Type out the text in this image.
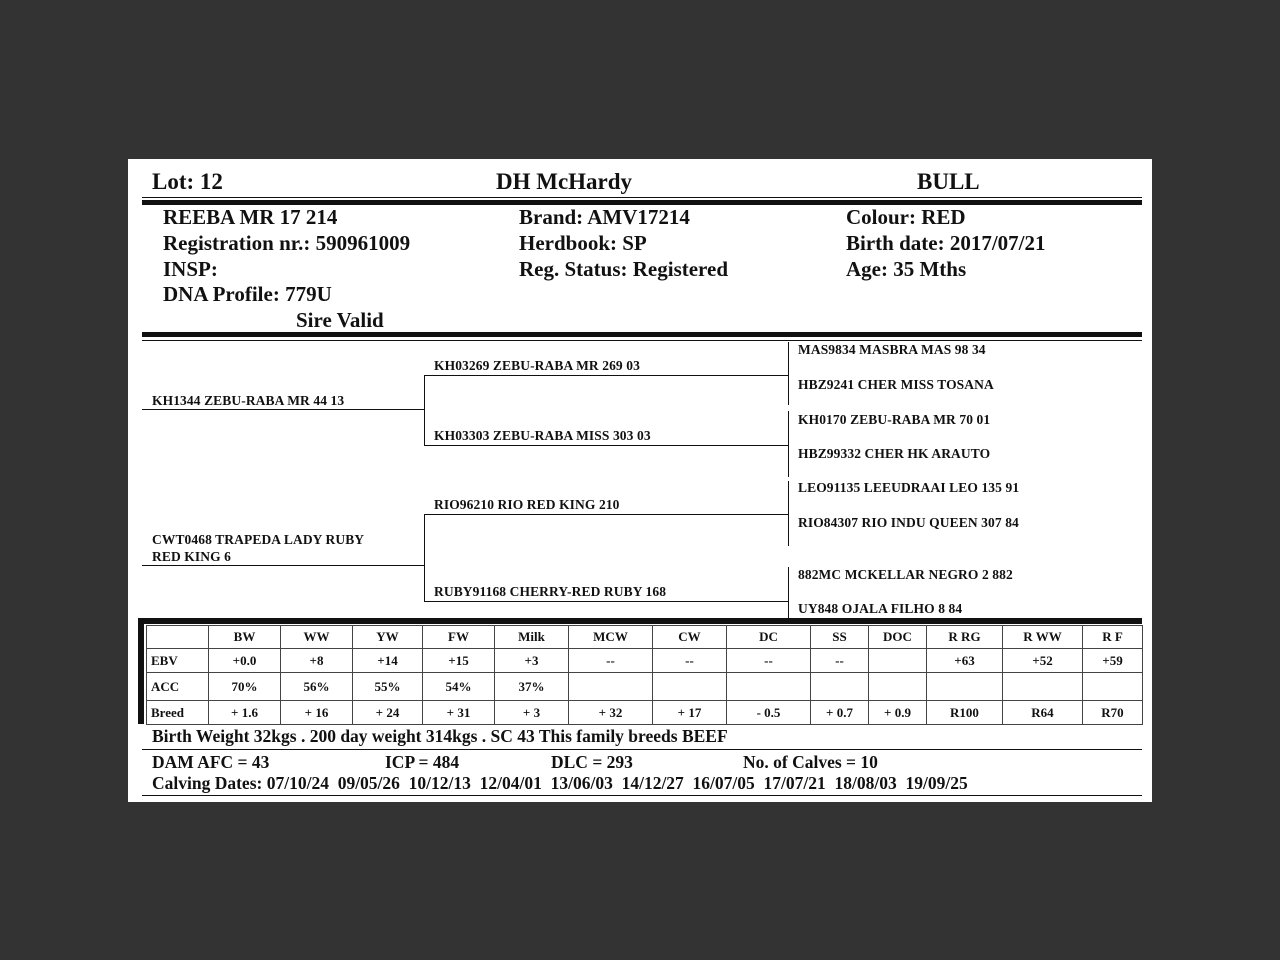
Lot: 12	DH McHardy	BULL
REEBA MR 17 214
Registration nr.: 590961009
INSP:
DNA Profile: 779U
Sire Valid
Brand: AMV17214
Herdbook: SP
Reg. Status: Registered
Colour: RED
Birth date: 2017/07/21
Age: 35 Mths
KH1344 ZEBU-RABA MR 44 13
CWT0468 TRAPEDA LADY RUBY
RED KING 6
KH03269 ZEBU-RABA MR 269 03
KH03303 ZEBU-RABA MISS 303 03
RIO96210 RIO RED KING 210
RUBY91168 CHERRY-RED RUBY 168
MAS9834 MASBRA MAS 98 34
HBZ9241 CHER MISS TOSANA
KH0170 ZEBU-RABA MR 70 01
HBZ99332 CHER HK ARAUTO
LEO91135 LEEUDRAAI LEO 135 91
RIO84307 RIO INDU QUEEN 307 84
882MC MCKELLAR NEGRO 2 882
UY848 OJALA FILHO 8 84
	BW	WW	YW	FW	Milk	MCW	CW	DC	SS	DOC	R RG	R WW	R F
EBV	+0.0	+8	+14	+15	+3	--	--	--	--		+63	+52	+59
ACC	70%	56%	55%	54%	37%								
Breed	+ 1.6	+ 16	+ 24	+ 31	+ 3	+ 32	+ 17	- 0.5	+ 0.7	+ 0.9	R100	R64	R70
Birth Weight 32kgs . 200 day weight 314kgs . SC 43 This family breeds BEEF
DAM AFC = 43	ICP = 484	DLC = 293	No. of Calves = 10
Calving Dates: 07/10/24  09/05/26  10/12/13  12/04/01  13/06/03  14/12/27  16/07/05  17/07/21  18/08/03  19/09/25
